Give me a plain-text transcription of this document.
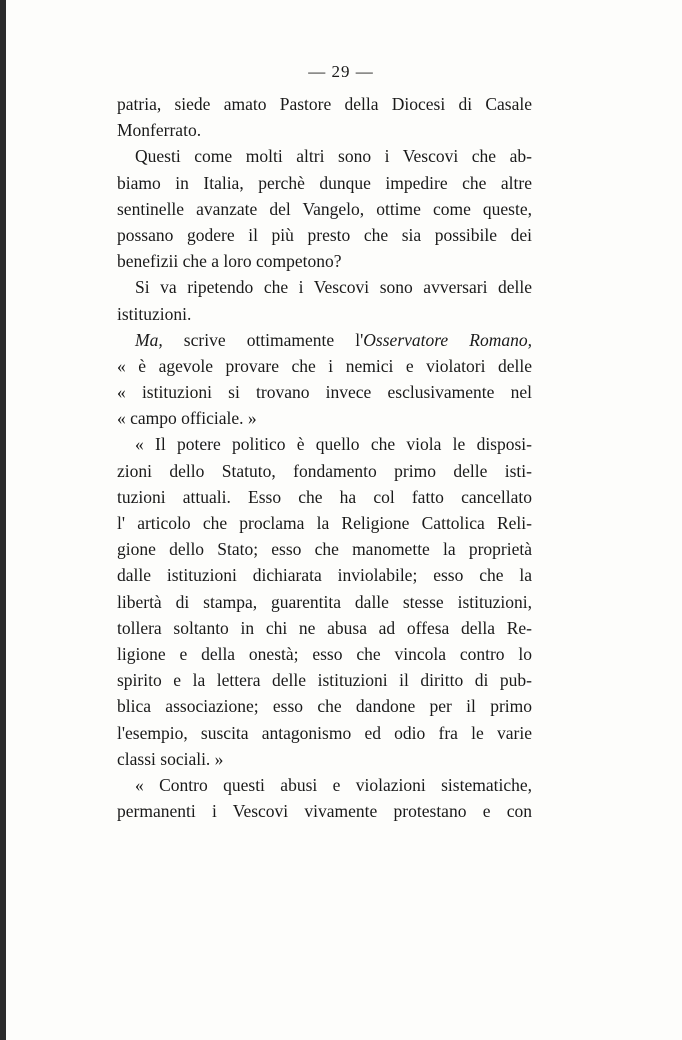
— 29 —
patria, siede amato Pastore della Diocesi di Casale
Monferrato.
Questi come molti altri sono i Vescovi che ab-
biamo in Italia, perchè dunque impedire che altre
sentinelle avanzate del Vangelo, ottime come queste,
possano godere il più presto che sia possibile dei
benefizii che a loro competono?
Si va ripetendo che i Vescovi sono avversari delle
istituzioni.
Ma, scrive ottimamente l'Osservatore Romano,
« è agevole provare che i nemici e violatori delle
« istituzioni si trovano invece esclusivamente nel
« campo officiale. »
« Il potere politico è quello che viola le disposi-
zioni dello Statuto, fondamento primo delle isti-
tuzioni attuali. Esso che ha col fatto cancellato
l' articolo che proclama la Religione Cattolica Reli-
gione dello Stato; esso che manomette la proprietà
dalle istituzioni dichiarata inviolabile; esso che la
libertà di stampa, guarentita dalle stesse istituzioni,
tollera soltanto in chi ne abusa ad offesa della Re-
ligione e della onestà; esso che vincola contro lo
spirito e la lettera delle istituzioni il diritto di pub-
blica associazione; esso che dandone per il primo
l'esempio, suscita antagonismo ed odio fra le varie
classi sociali. »
« Contro questi abusi e violazioni sistematiche,
permanenti i Vescovi vivamente protestano e con
